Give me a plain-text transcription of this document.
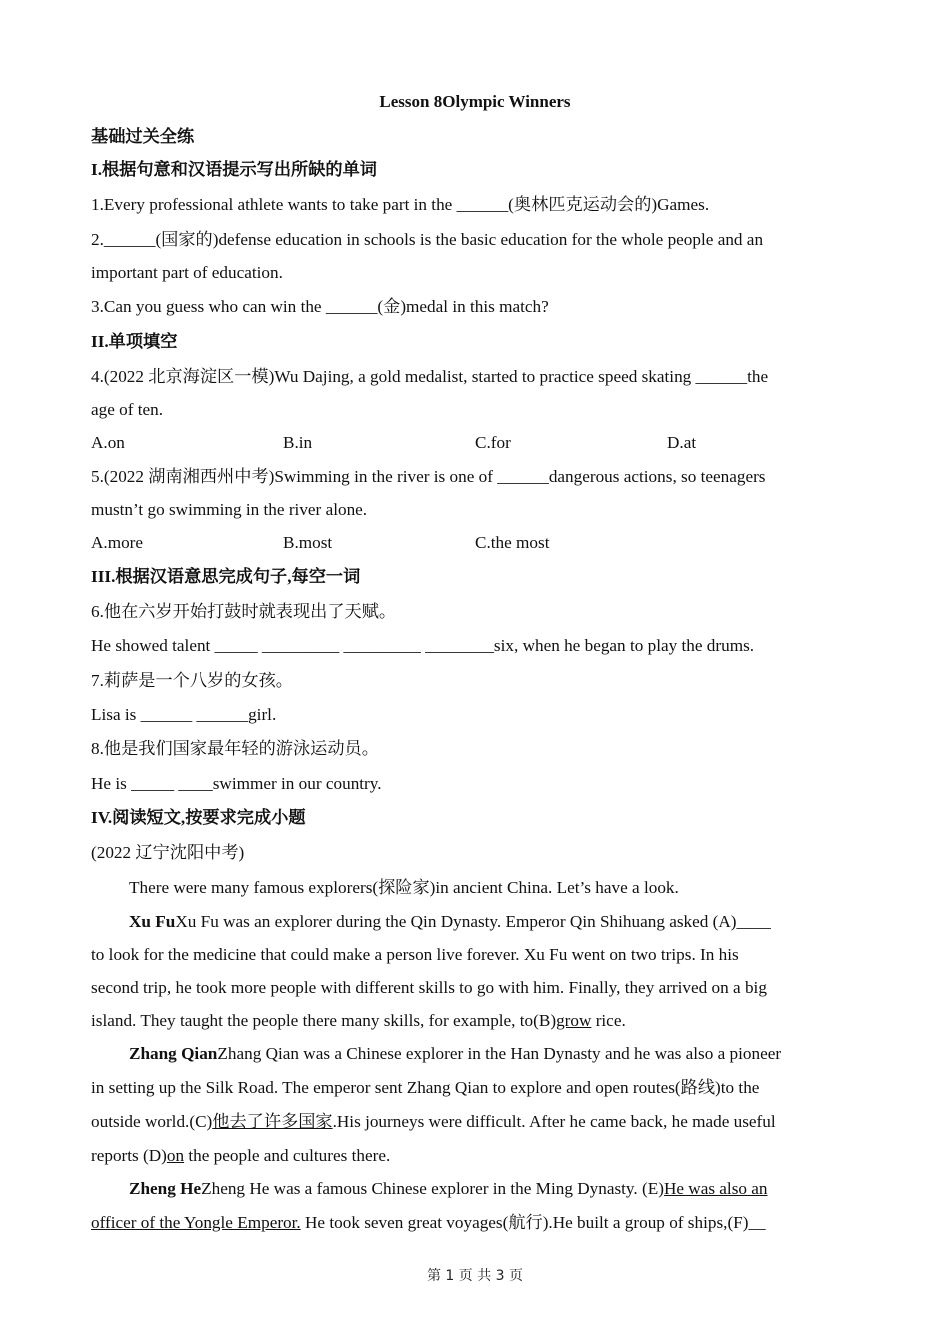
Lesson 8Olympic Winners
基础过关全练
I.根据句意和汉语提示写出所缺的单词
1.Every professional athlete wants to take part in the ______(奥林匹克运动会的)Games.
2.______(国家的)defense education in schools is the basic education for the whole people and an
important part of education.
3.Can you guess who can win the ______(金)medal in this match?
II.单项填空
4.(2022 北京海淀区一模)Wu Dajing, a gold medalist, started to practice speed skating ______the
age of ten.
A.on	B.in	C.for	D.at
5.(2022 湖南湘西州中考)Swimming in the river is one of ______dangerous actions, so teenagers
mustn’t go swimming in the river alone.
A.more	B.most	C.the most
III.根据汉语意思完成句子,每空一词
6.他在六岁开始打鼓时就表现出了天赋。
He showed talent _____ _________ _________ ________six, when he began to play the drums.
7.莉萨是一个八岁的女孩。
Lisa is ______ ______girl.
8.他是我们国家最年轻的游泳运动员。
He is _____ ____swimmer in our country.
IV.阅读短文,按要求完成小题
(2022 辽宁沈阳中考)
There were many famous explorers(探险家)in ancient China. Let’s have a look.
Xu FuXu Fu was an explorer during the Qin Dynasty. Emperor Qin Shihuang asked (A)____
to look for the medicine that could make a person live forever. Xu Fu went on two trips. In his
second trip, he took more people with different skills to go with him. Finally, they arrived on a big
island. They taught the people there many skills, for example, to(B)grow rice.
Zhang QianZhang Qian was a Chinese explorer in the Han Dynasty and he was also a pioneer
in setting up the Silk Road. The emperor sent Zhang Qian to explore and open routes(路线)to the
outside world.(C)他去了许多国家.His journeys were difficult. After he came back, he made useful
reports (D)on the people and cultures there.
Zheng HeZheng He was a famous Chinese explorer in the Ming Dynasty. (E)He was also an
officer of the Yongle Emperor. He took seven great voyages(航行).He built a group of ships,(F)__
第 1 页 共 3 页
